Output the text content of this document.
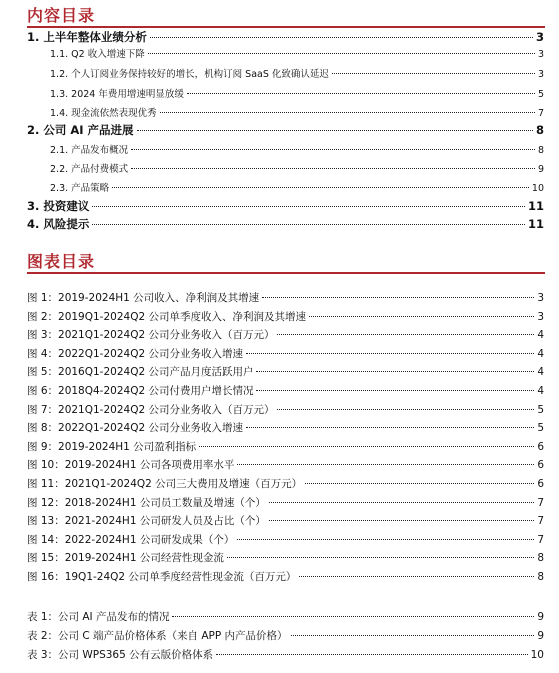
内容目录
1. 上半年整体业绩分析	3
1.1. Q2 收入增速下降	3
1.2. 个人订阅业务保持较好的增长，机构订阅 SaaS 化致确认延迟	3
1.3. 2024 年费用增速明显放缓	5
1.4. 现金流依然表现优秀	7
2. 公司 AI 产品进展	8
2.1. 产品发布概况	8
2.2. 产品付费模式	9
2.3. 产品策略	10
3. 投资建议	11
4. 风险提示	11
图表目录
图 1：2019-2024H1 公司收入、净利润及其增速	3
图 2：2019Q1-2024Q2 公司单季度收入、净利润及其增速	3
图 3：2021Q1-2024Q2 公司分业务收入（百万元）	4
图 4：2022Q1-2024Q2 公司分业务收入增速	4
图 5：2016Q1-2024Q2 公司产品月度活跃用户	4
图 6：2018Q4-2024Q2 公司付费用户增长情况	4
图 7：2021Q1-2024Q2 公司分业务收入（百万元）	5
图 8：2022Q1-2024Q2 公司分业务收入增速	5
图 9：2019-2024H1 公司盈利指标	6
图 10：2019-2024H1 公司各项费用率水平	6
图 11：2021Q1-2024Q2 公司三大费用及增速（百万元）	6
图 12：2018-2024H1 公司员工数量及增速（个）	7
图 13：2021-2024H1 公司研发人员及占比（个）	7
图 14：2022-2024H1 公司研发成果（个）	7
图 15：2019-2024H1 公司经营性现金流	8
图 16：19Q1-24Q2 公司单季度经营性现金流（百万元）	8
表 1：公司 AI 产品发布的情况	9
表 2：公司 C 端产品价格体系（来自 APP 内产品价格）	9
表 3：公司 WPS365 公有云版价格体系	10
